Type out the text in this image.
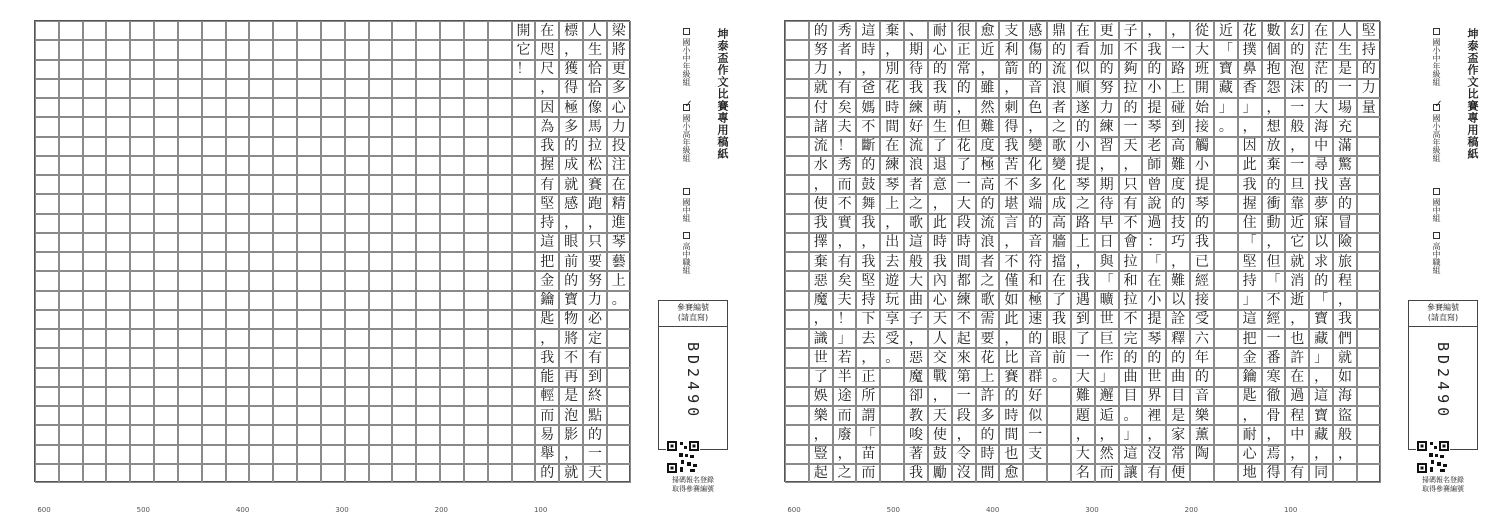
開
它
！
在
咫
尺
，
因
為
我
握
有
堅
持
這
把
金
鑰
匙
，
我
能
輕
而
易
舉
的
標
，
獲
得
極
多
的
成
就
感
，
眼
前
的
寶
物
將
不
再
是
泡
影
，
就
人
生
恰
恰
像
馬
拉
松
賽
跑
，
只
要
努
力
必
定
有
到
終
點
的
一
天
梁
將
更
多
心
力
投
注
在
精
進
琴
藝
上
。
600	500	400	300	200	100
坤泰盃作文比賽專用稿紙
國小中年級組
✓
國小高年級組
國中組
高中職組
參賽編號
(請直寫)
BD2490
掃碼報名登錄
取得參賽編號
的
努
力
就
付
諸
流
水
，
使
我
擇
棄
惡
魔
，
識
世
了
娛
樂
，
豎
起
秀
者
，
有
矣
夫
！
秀
而
不
實
，
有
矣
夫
！
」
若
半
途
而
廢
，
之
這
時
，
爸
媽
不
斷
的
鼓
舞
我
，
我
堅
持
下
去
，
正
所
謂
「
苗
而
棄
，
別
花
時
間
在
練
琴
上
，
出
去
遊
玩
享
受
。
、
期
待
我
練
好
流
浪
者
之
歌
這
般
大
曲
子
，
惡
魔
卻
教
唆
著
我
耐
心
的
我
萌
生
了
退
意
，
此
時
我
內
心
天
人
交
戰
，
天
使
鼓
勵
很
正
常
的
，
但
花
了
一
大
段
時
間
都
練
不
起
來
第
一
段
，
令
沒
愈
近
，
雖
然
難
度
極
高
的
流
浪
者
之
歌
需
要
花
上
許
多
的
時
間
支
利
箭
，
刺
得
我
苦
不
堪
言
，
不
僅
如
此
，
比
賽
的
時
間
也
愈
感
傷
的
音
色
，
變
化
多
端
的
音
符
和
極
速
的
音
群
好
似
一
支
鼎
的
流
浪
者
之
歌
變
化
成
高
牆
擋
在
了
我
眼
前
。
在
看
似
順
遂
的
小
提
琴
之
路
上
，
我
遇
到
了
一
大
難
題
，
大
名
更
加
的
努
力
練
習
，
期
待
早
日
與
「
曠
世
巨
作
」
邂
逅
，
然
而
子
不
夠
拉
的
一
天
，
只
有
不
會
拉
和
拉
不
完
的
曲
目
。
」
這
讓
，
我
的
小
提
琴
老
師
曾
說
過
：
「
在
小
提
琴
的
世
界
裡
，
沒
有
，
一
路
上
碰
到
高
難
度
的
技
巧
，
難
以
詮
釋
的
曲
目
是
家
常
便
從
大
班
開
始
接
觸
小
提
琴
的
我
已
經
接
受
六
年
的
音
樂
薰
陶
近
「
寶
藏
」
。
花
撲
鼻
香
」
，
因
此
我
握
住
「
堅
持
」
這
把
金
鑰
匙
，
耐
心
地
數
個
抱
怨
，
想
放
棄
的
衝
動
，
但
「
不
經
一
番
寒
徹
骨
，
焉
得
幻
的
泡
沫
一
般
，
一
旦
靠
近
它
就
消
逝
，
也
許
在
過
程
中
，
有
在
茫
茫
的
大
海
中
尋
找
夢
寐
以
求
的
「
寶
藏
」
，
這
寶
藏
，
同
人
生
是
一
場
充
滿
驚
喜
的
冒
險
旅
程
，
我
們
就
如
海
盜
般
，
堅
持
的
力
量
600	500	400	300	200	100
坤泰盃作文比賽專用稿紙
國小中年級組
✓
國小高年級組
國中組
高中職組
參賽編號
(請直寫)
BD2490
掃碼報名登錄
取得參賽編號
